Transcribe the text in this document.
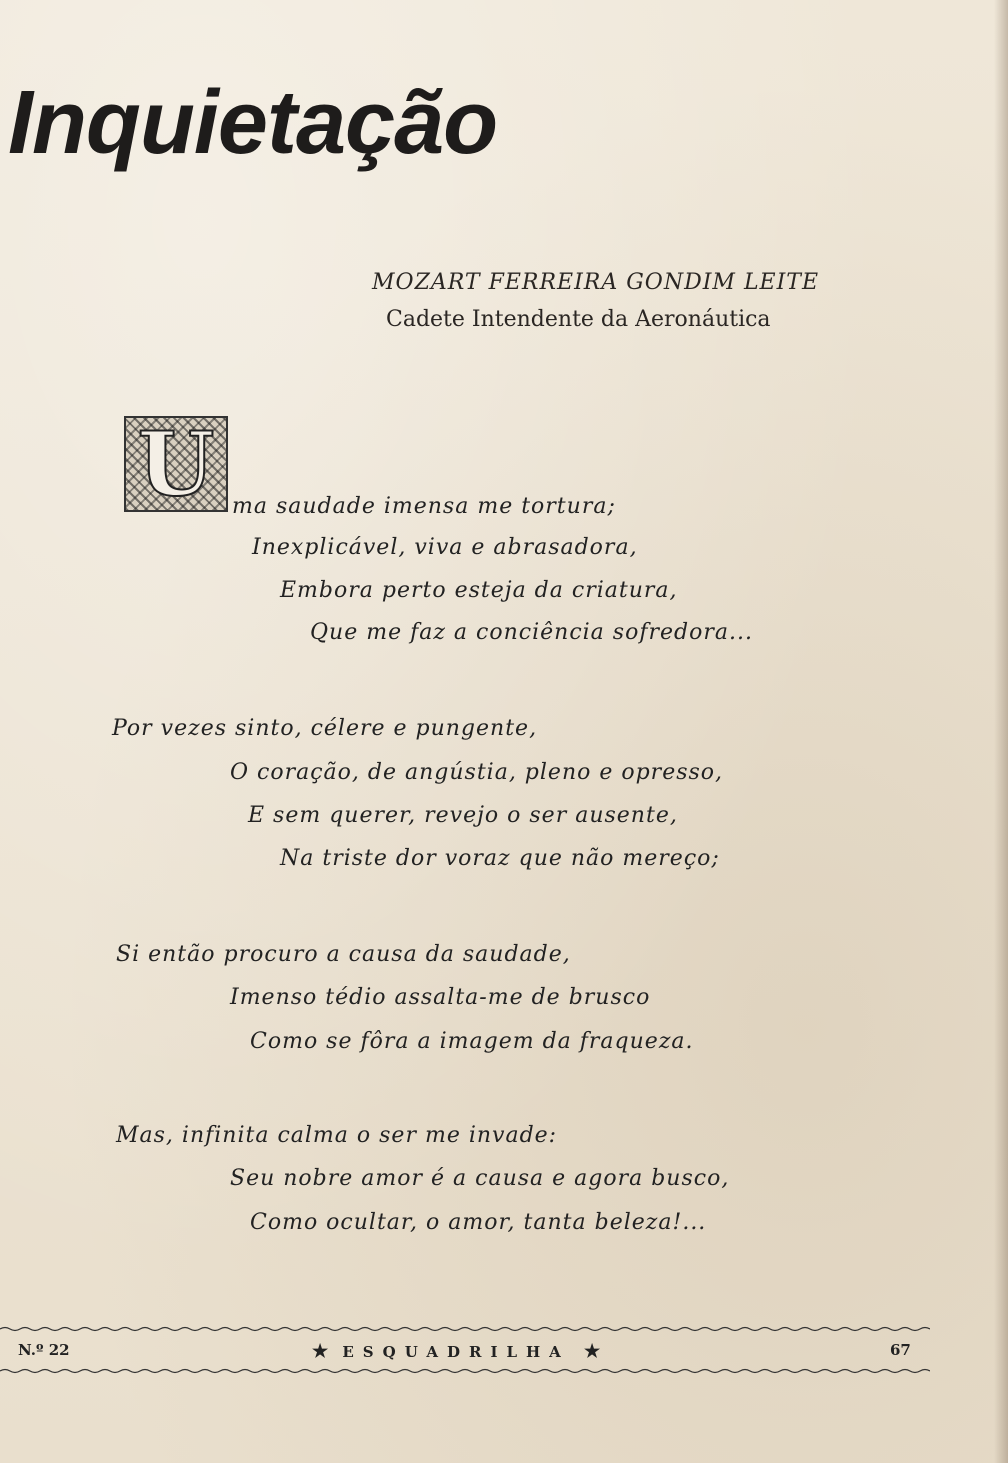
Inquietação

MOZART FERREIRA GONDIM LEITE

Cadete Intendente da Aeronáutica

U ma saudade imensa me tortura;

Inexplicável, viva e abrasadora,

Embora perto esteja da criatura,

Que me faz a conciência sofredora...

Por vezes sinto, célere e pungente,

O coração, de angústia, pleno e opresso,

E sem querer, revejo o ser ausente,

Na triste dor voraz que não mereço;

Si então procuro a causa da saudade,

Imenso tédio assalta-me de brusco

Como se fôra a imagem da fraqueza.

Mas, infinita calma o ser me invade:

Seu nobre amor é a causa e agora busco,

Como ocultar, o amor, tanta beleza!...

N.º 22	★ ESQUADRILHA ★	67
